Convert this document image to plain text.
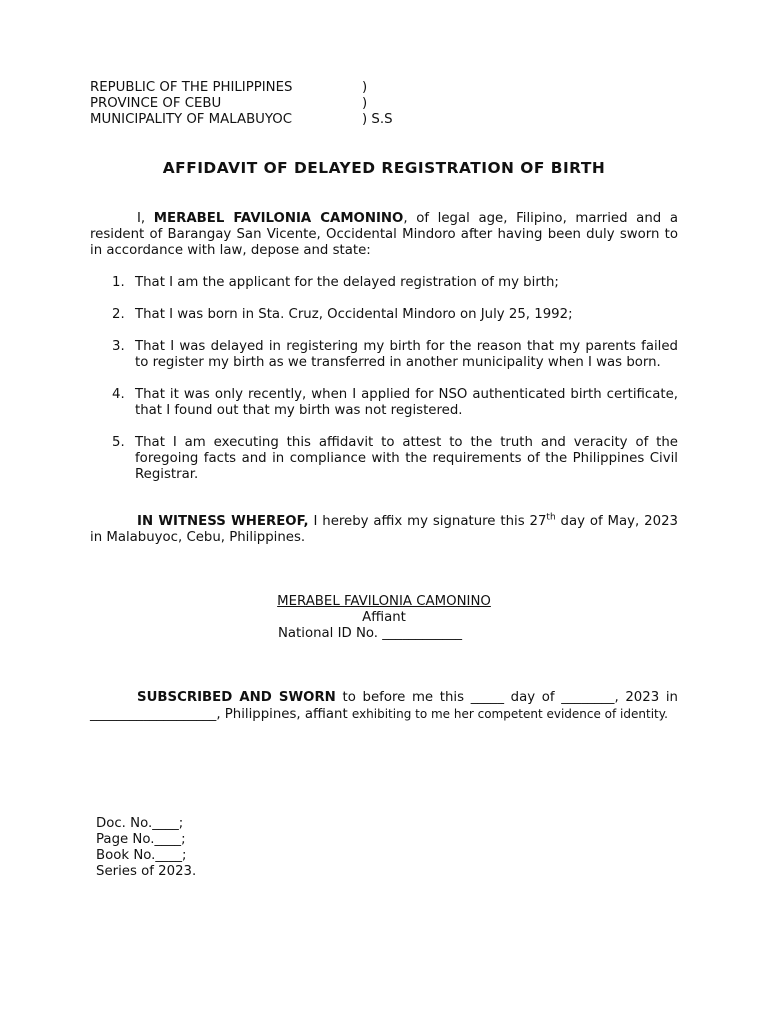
REPUBLIC OF THE PHILIPPINES	)
PROVINCE OF CEBU	)
MUNICIPALITY OF MALABUYOC	) S.S
AFFIDAVIT OF DELAYED REGISTRATION OF BIRTH
I, MERABEL FAVILONIA CAMONINO, of legal age, Filipino, married and a resident of Barangay San Vicente, Occidental Mindoro after having been duly sworn to in accordance with law, depose and state:
1. That I am the applicant for the delayed registration of my birth;
2. That I was born in Sta. Cruz, Occidental Mindoro on July 25, 1992;
3. That I was delayed in registering my birth for the reason that my parents failed to register my birth as we transferred in another municipality when I was born.
4. That it was only recently, when I applied for NSO authenticated birth certificate, that I found out that my birth was not registered.
5. That I am executing this affidavit to attest to the truth and veracity of the foregoing facts and in compliance with the requirements of the Philippines Civil Registrar.
IN WITNESS WHEREOF, I hereby affix my signature this 27th day of May, 2023 in Malabuyoc, Cebu, Philippines.
MERABEL FAVILONIA CAMONINO
Affiant
National ID No. ____________
SUBSCRIBED AND SWORN to before me this _____ day of ________, 2023 in ___________________, Philippines, affiant exhibiting to me her competent evidence of identity.
Doc. No.____;
Page No.____;
Book No.____;
Series of 2023.
